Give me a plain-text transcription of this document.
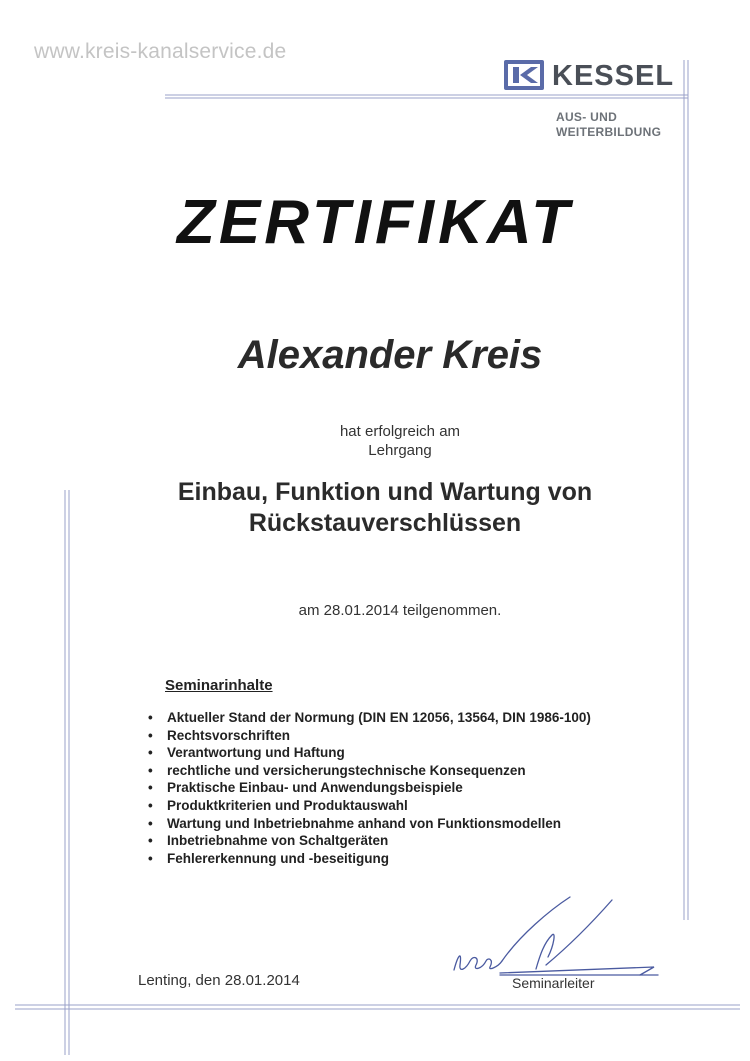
www.kreis-kanalservice.de
KESSEL
AUS- UND
WEITERBILDUNG
ZERTIFIKAT
Alexander Kreis
hat erfolgreich am
Lehrgang
Einbau, Funktion und Wartung von
Rückstauverschlüssen
am 28.01.2014 teilgenommen.
Seminarinhalte
• Aktueller Stand der Normung (DIN EN 12056, 13564, DIN 1986-100)
• Rechtsvorschriften
• Verantwortung und Haftung
• rechtliche und versicherungstechnische Konsequenzen
• Praktische Einbau- und Anwendungsbeispiele
• Produktkriterien und Produktauswahl
• Wartung und Inbetriebnahme anhand von Funktionsmodellen
• Inbetriebnahme von Schaltgeräten
• Fehlererkennung und -beseitigung
Lenting, den 28.01.2014	Seminarleiter
